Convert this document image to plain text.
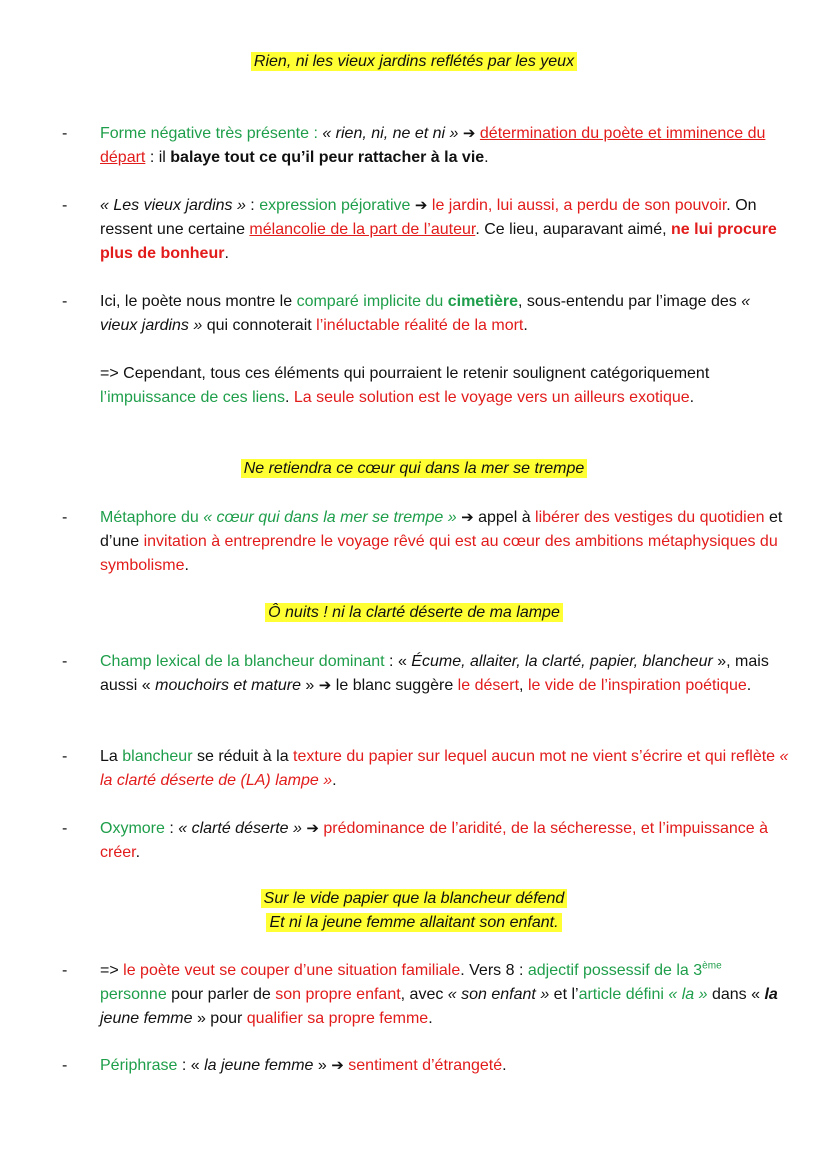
Rien, ni les vieux jardins reflétés par les yeux
- Forme négative très présente : « rien, ni, ne et ni » ➔ détermination du poète et imminence du départ : il balaye tout ce qu’il peur rattacher à la vie.
- « Les vieux jardins » : expression péjorative ➔ le jardin, lui aussi, a perdu de son pouvoir. On ressent une certaine mélancolie de la part de l’auteur. Ce lieu, auparavant aimé, ne lui procure plus de bonheur.
- Ici, le poète nous montre le comparé implicite du cimetière, sous-entendu par l’image des « vieux jardins » qui connoterait l’inéluctable réalité de la mort.
=> Cependant, tous ces éléments qui pourraient le retenir soulignent catégoriquement l’impuissance de ces liens. La seule solution est le voyage vers un ailleurs exotique.
Ne retiendra ce cœur qui dans la mer se trempe
- Métaphore du « cœur qui dans la mer se trempe » ➔ appel à libérer des vestiges du quotidien et d’une invitation à entreprendre le voyage rêvé qui est au cœur des ambitions métaphysiques du symbolisme.
Ô nuits ! ni la clarté déserte de ma lampe
- Champ lexical de la blancheur dominant : « Écume, allaiter, la clarté, papier, blancheur », mais aussi « mouchoirs et mature » ➔ le blanc suggère le désert, le vide de l’inspiration poétique.
- La blancheur se réduit à la texture du papier sur lequel aucun mot ne vient s’écrire et qui reflète « la clarté déserte de (LA) lampe ».
- Oxymore : « clarté déserte » ➔ prédominance de l’aridité, de la sécheresse, et l’impuissance à créer.
Sur le vide papier que la blancheur défend
Et ni la jeune femme allaitant son enfant.
- => le poète veut se couper d’une situation familiale. Vers 8 : adjectif possessif de la 3ème personne pour parler de son propre enfant, avec « son enfant » et l’article défini « la » dans « la jeune femme » pour qualifier sa propre femme.
- Périphrase : « la jeune femme » ➔ sentiment d’étrangeté.
